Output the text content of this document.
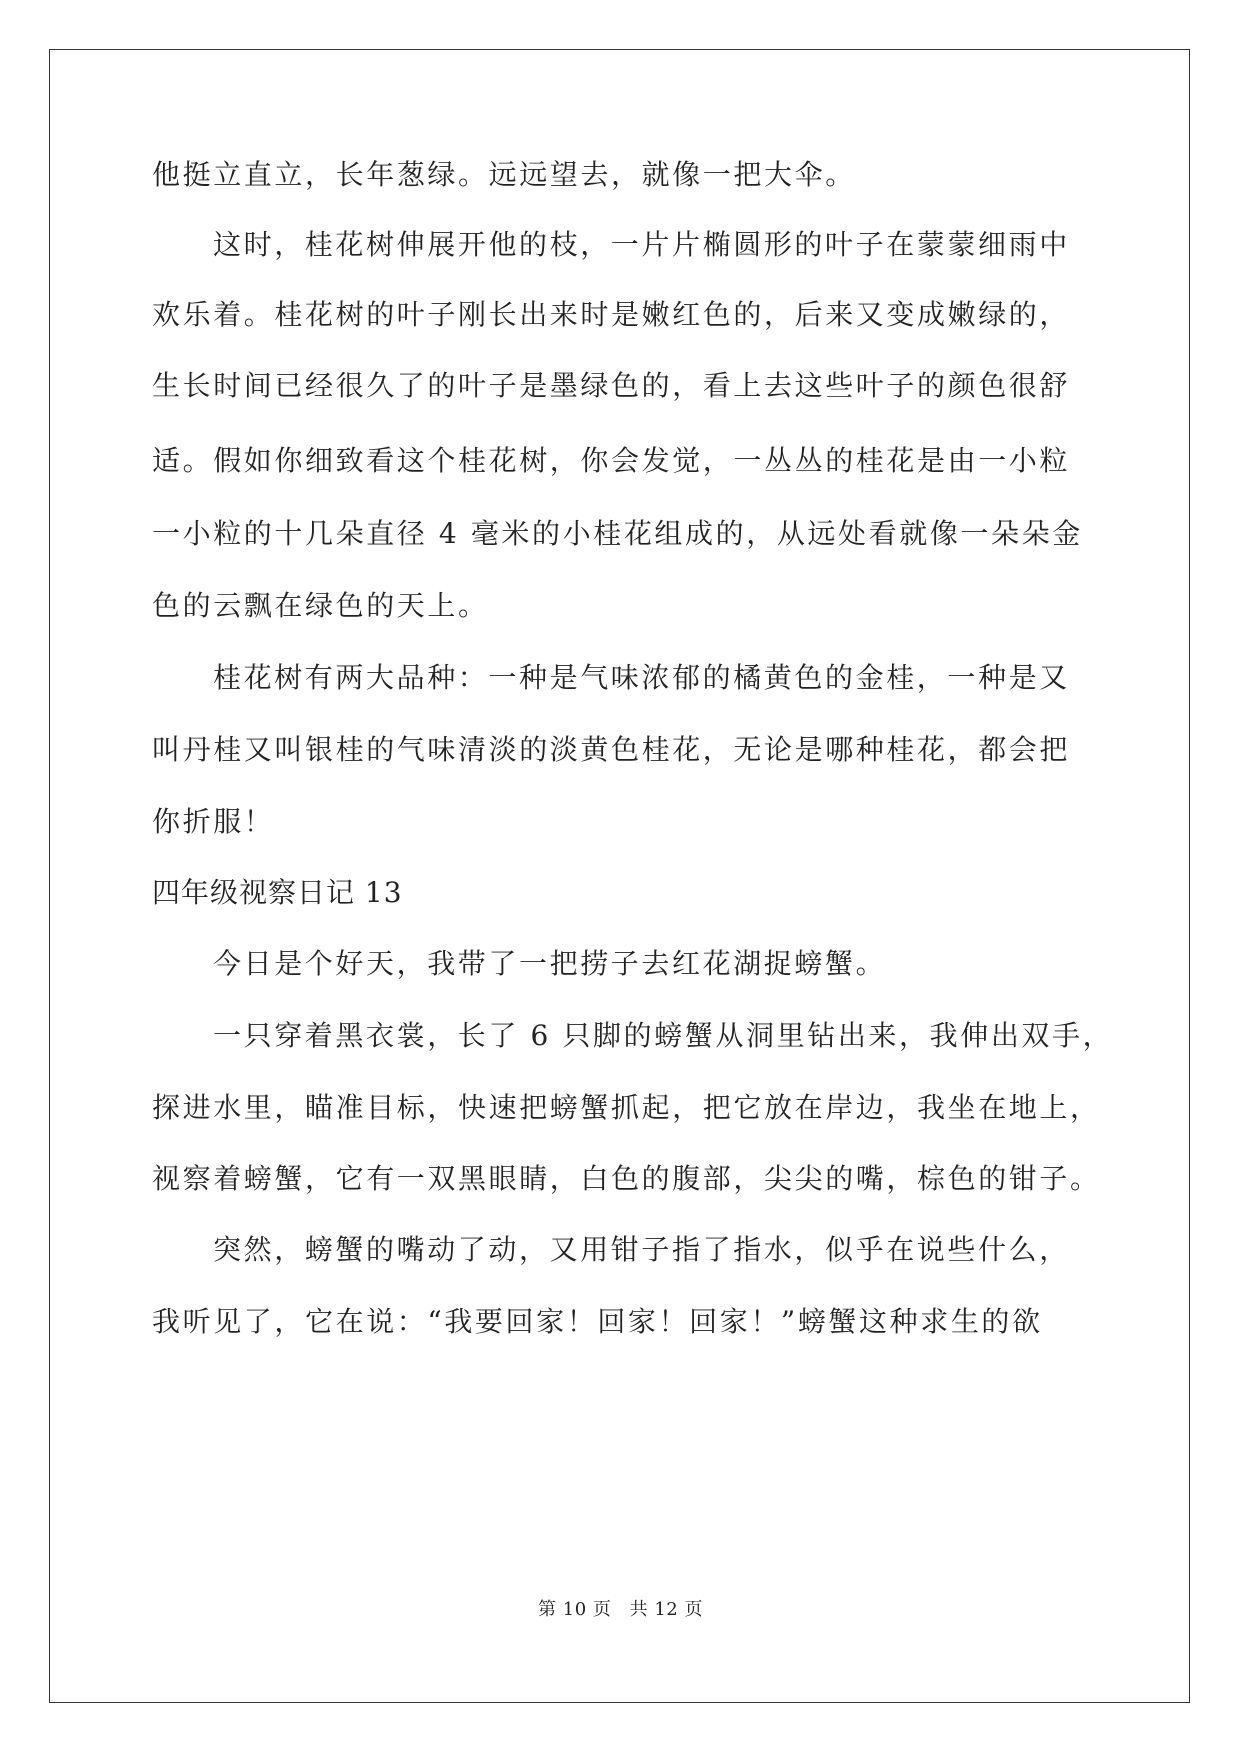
他挺立直立，长年葱绿。远远望去，就像一把大伞。
这时，桂花树伸展开他的枝，一片片椭圆形的叶子在蒙蒙细雨中
欢乐着。桂花树的叶子刚长出来时是嫩红色的，后来又变成嫩绿的，
生长时间已经很久了的叶子是墨绿色的，看上去这些叶子的颜色很舒
适。假如你细致看这个桂花树，你会发觉，一丛丛的桂花是由一小粒
一小粒的十几朵直径 4 毫米的小桂花组成的，从远处看就像一朵朵金
色的云飘在绿色的天上。
桂花树有两大品种：一种是气味浓郁的橘黄色的金桂，一种是又
叫丹桂又叫银桂的气味清淡的淡黄色桂花，无论是哪种桂花，都会把
你折服！
四年级视察日记 13
今日是个好天，我带了一把捞子去红花湖捉螃蟹。
一只穿着黑衣裳，长了 6 只脚的螃蟹从洞里钻出来，我伸出双手，
探进水里，瞄准目标，快速把螃蟹抓起，把它放在岸边，我坐在地上，
视察着螃蟹，它有一双黑眼睛，白色的腹部，尖尖的嘴，棕色的钳子。
突然，螃蟹的嘴动了动，又用钳子指了指水，似乎在说些什么，
我听见了，它在说：“我要回家！回家！回家！”螃蟹这种求生的欲
第 10 页 共 12 页
